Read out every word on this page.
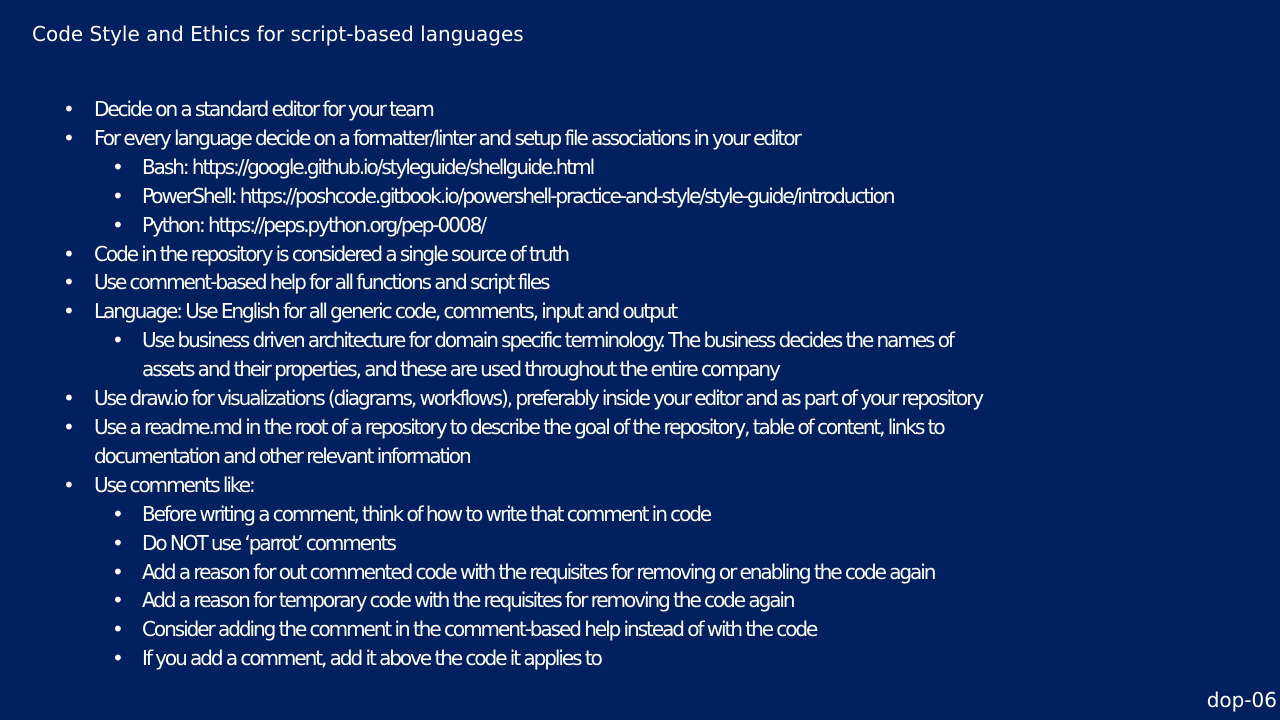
Code Style and Ethics for script-based languages
• Decide on a standard editor for your team
• For every language decide on a formatter/linter and setup file associations in your editor
• Bash: https://google.github.io/styleguide/shellguide.html
• PowerShell: https://poshcode.gitbook.io/powershell-practice-and-style/style-guide/introduction
• Python: https://peps.python.org/pep-0008/
• Code in the repository is considered a single source of truth
• Use comment-based help for all functions and script files
• Language: Use English for all generic code, comments, input and output
• Use business driven architecture for domain specific terminology. The business decides the names of
assets and their properties, and these are used throughout the entire company
• Use draw.io for visualizations (diagrams, workflows), preferably inside your editor and as part of your repository
• Use a readme.md in the root of a repository to describe the goal of the repository, table of content, links to
documentation and other relevant information
• Use comments like:
• Before writing a comment, think of how to write that comment in code
• Do NOT use ‘parrot’ comments
• Add a reason for out commented code with the requisites for removing or enabling the code again
• Add a reason for temporary code with the requisites for removing the code again
• Consider adding the comment in the comment-based help instead of with the code
• If you add a comment, add it above the code it applies to
dop-06
